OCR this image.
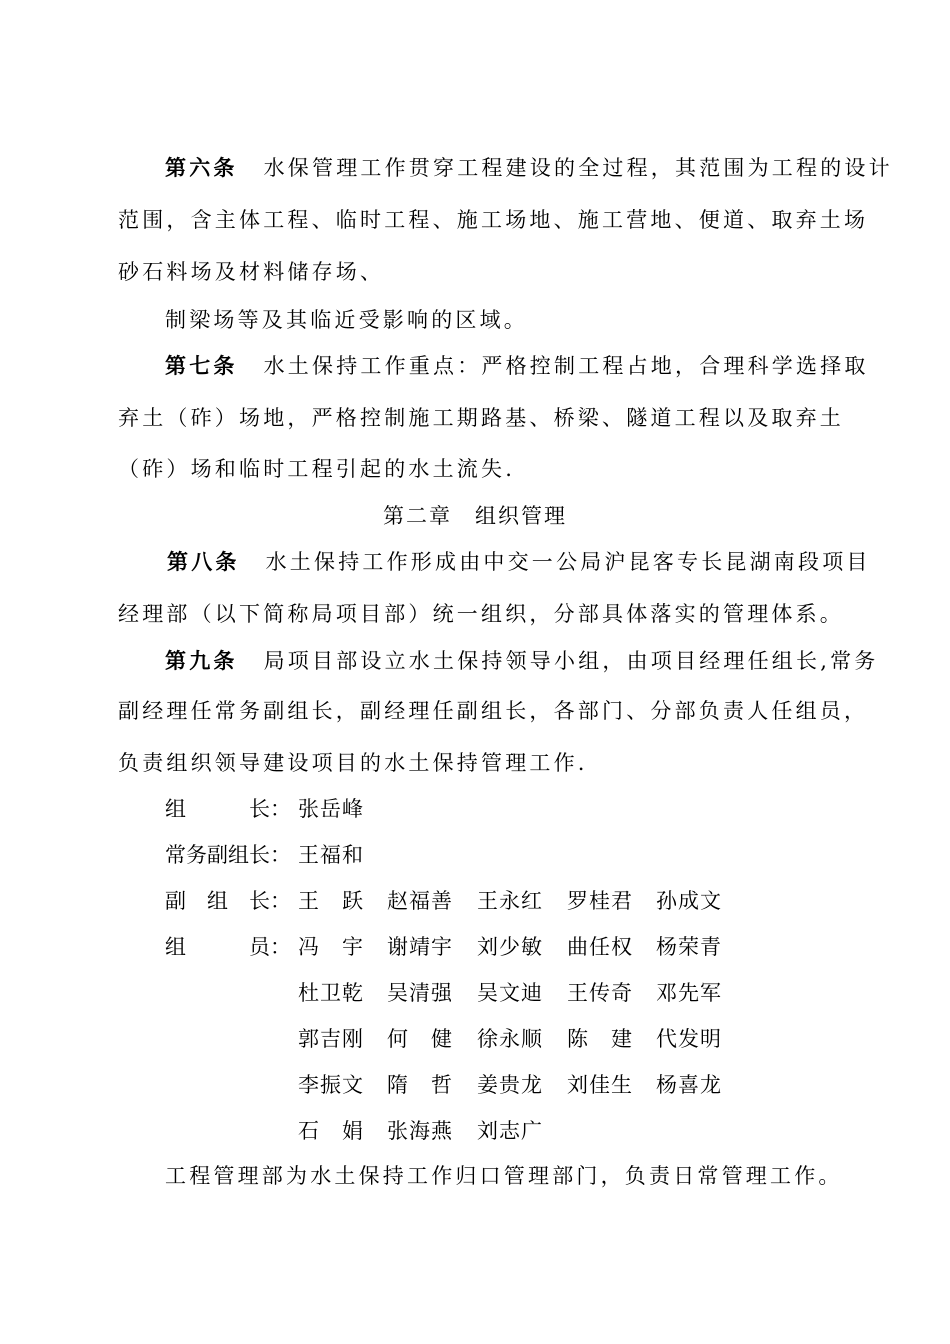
第六条 水保管理工作贯穿工程建设的全过程，其范围为工程的设计
范围，含主体工程、临时工程、施工场地、施工营地、便道、取弃土场
砂石料场及材料储存场、
制梁场等及其临近受影响的区域。
第七条 水土保持工作重点：严格控制工程占地，合理科学选择取
弃土（砟）场地，严格控制施工期路基、桥梁、隧道工程以及取弃土
（砟）场和临时工程引起的水土流失.
第二章　组织管理
第八条 水土保持工作形成由中交一公局沪昆客专长昆湖南段项目
经理部（以下简称局项目部）统一组织，分部具体落实的管理体系。
第九条 局项目部设立水土保持领导小组，由项目经理任组长,常务
副经理任常务副组长，副经理任副组长，各部门、分部负责人任组员，
负责组织领导建设项目的水土保持管理工作.
组　　　长： 张岳峰
常务副组长： 王福和
副　组　长： 王　跃 赵福善 王永红 罗桂君 孙成文
组　　　员： 冯　宇 谢靖宇 刘少敏 曲任权 杨荣青
杜卫乾 吴清强 吴文迪 王传奇 邓先军
郭吉刚 何　健 徐永顺 陈　建 代发明
李振文 隋　哲 姜贵龙 刘佳生 杨喜龙
石　娟 张海燕 刘志广
工程管理部为水土保持工作归口管理部门，负责日常管理工作。
